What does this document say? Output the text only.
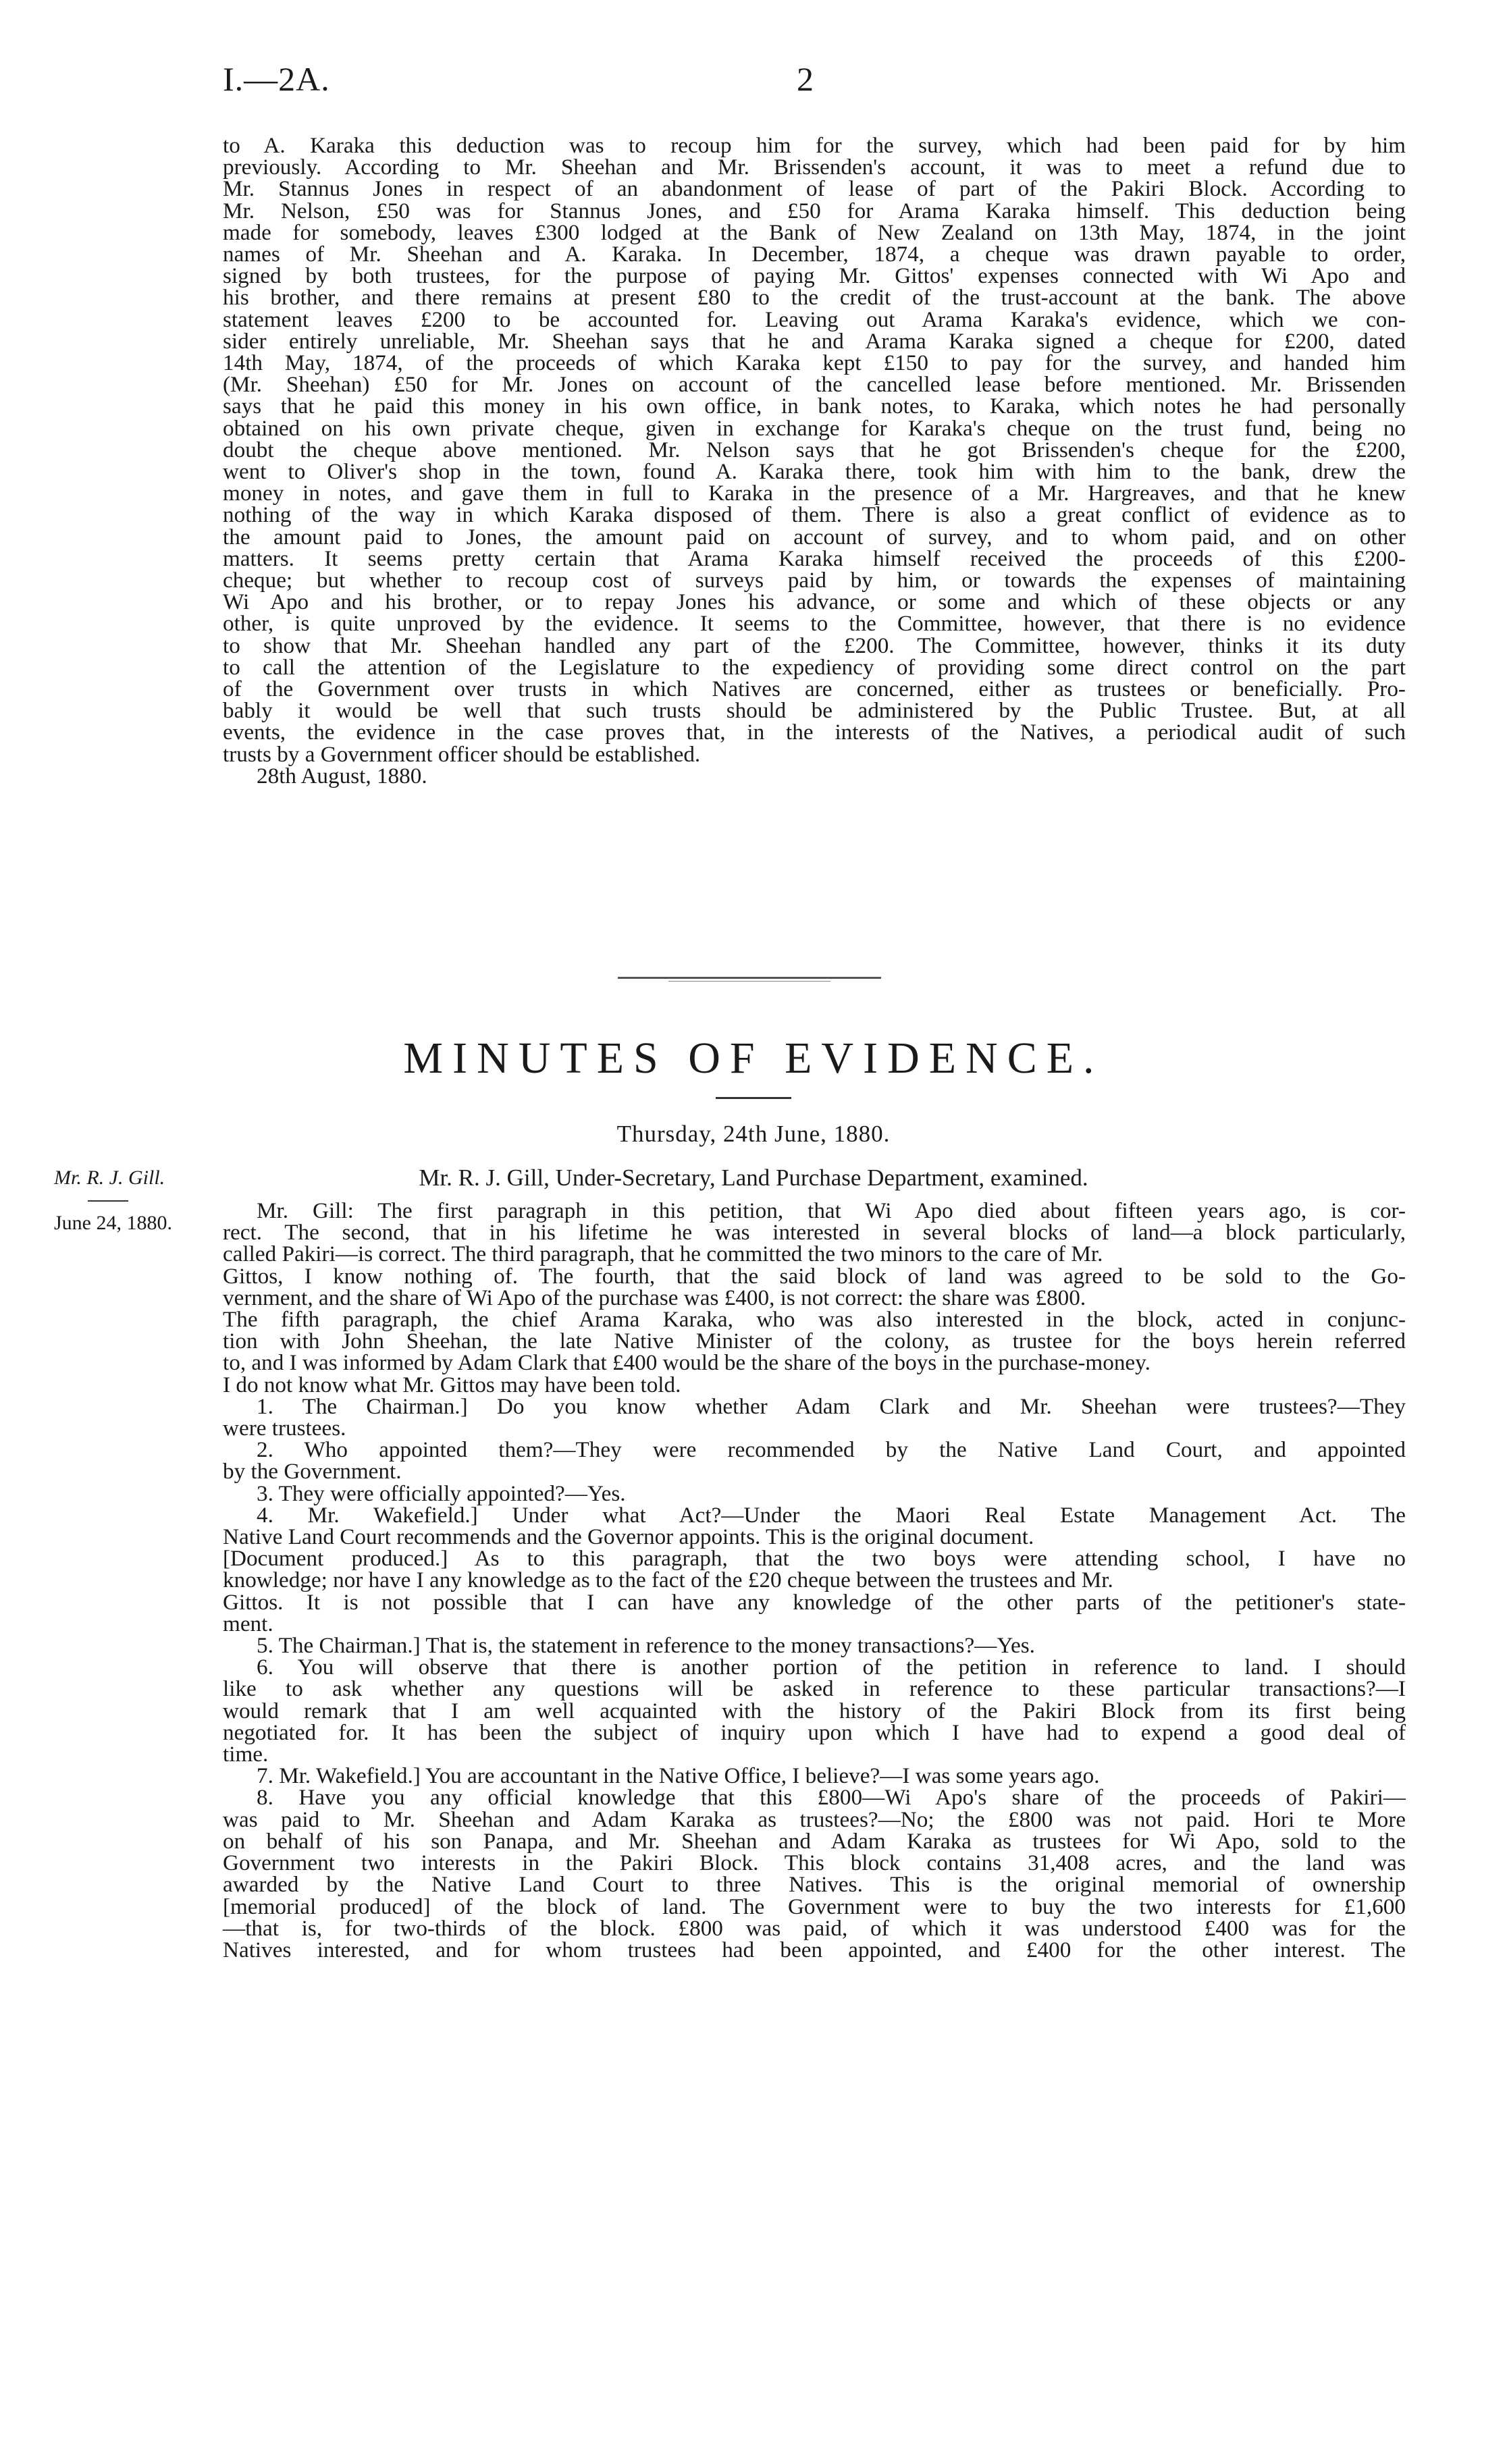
I.—2A.	2

to A. Karaka this deduction was to recoup him for the survey, which had been paid for by him

previously. According to Mr. Sheehan and Mr. Brissenden's account, it was to meet a refund due to

Mr. Stannus Jones in respect of an abandonment of lease of part of the Pakiri Block. According to

Mr. Nelson, £50 was for Stannus Jones, and £50 for Arama Karaka himself. This deduction being

made for somebody, leaves £300 lodged at the Bank of New Zealand on 13th May, 1874, in the joint

names of Mr. Sheehan and A. Karaka. In December, 1874, a cheque was drawn payable to order,

signed by both trustees, for the purpose of paying Mr. Gittos' expenses connected with Wi Apo and

his brother, and there remains at present £80 to the credit of the trust-account at the bank. The above

statement leaves £200 to be accounted for. Leaving out Arama Karaka's evidence, which we con-

sider entirely unreliable, Mr. Sheehan says that he and Arama Karaka signed a cheque for £200, dated

14th May, 1874, of the proceeds of which Karaka kept £150 to pay for the survey, and handed him

(Mr. Sheehan) £50 for Mr. Jones on account of the cancelled lease before mentioned. Mr. Brissenden

says that he paid this money in his own office, in bank notes, to Karaka, which notes he had personally

obtained on his own private cheque, given in exchange for Karaka's cheque on the trust fund, being no

doubt the cheque above mentioned. Mr. Nelson says that he got Brissenden's cheque for the £200,

went to Oliver's shop in the town, found A. Karaka there, took him with him to the bank, drew the

money in notes, and gave them in full to Karaka in the presence of a Mr. Hargreaves, and that he knew

nothing of the way in which Karaka disposed of them. There is also a great conflict of evidence as to

the amount paid to Jones, the amount paid on account of survey, and to whom paid, and on other

matters. It seems pretty certain that Arama Karaka himself received the proceeds of this £200-

cheque; but whether to recoup cost of surveys paid by him, or towards the expenses of maintaining

Wi Apo and his brother, or to repay Jones his advance, or some and which of these objects or any

other, is quite unproved by the evidence. It seems to the Committee, however, that there is no evidence

to show that Mr. Sheehan handled any part of the £200. The Committee, however, thinks it its duty

to call the attention of the Legislature to the expediency of providing some direct control on the part

of the Government over trusts in which Natives are concerned, either as trustees or beneficially. Pro-

bably it would be well that such trusts should be administered by the Public Trustee. But, at all

events, the evidence in the case proves that, in the interests of the Natives, a periodical audit of such

trusts by a Government officer should be established.

28th August, 1880.

MINUTES OF EVIDENCE.
Thursday, 24th June, 1880.
Mr. R. J. Gill, Under-Secretary, Land Purchase Department, examined.
Mr. R. J. Gill.
June 24, 1880.	Mr. Gill: The first paragraph in this petition, that Wi Apo died about fifteen years ago, is cor-

rect. The second, that in his lifetime he was interested in several blocks of land—a block particularly,

called Pakiri—is correct. The third paragraph, that he committed the two minors to the care of Mr.

Gittos, I know nothing of. The fourth, that the said block of land was agreed to be sold to the Go-

vernment, and the share of Wi Apo of the purchase was £400, is not correct: the share was £800.

The fifth paragraph, the chief Arama Karaka, who was also interested in the block, acted in conjunc-

tion with John Sheehan, the late Native Minister of the colony, as trustee for the boys herein referred

to, and I was informed by Adam Clark that £400 would be the share of the boys in the purchase-money.

I do not know what Mr. Gittos may have been told.

1. The Chairman.] Do you know whether Adam Clark and Mr. Sheehan were trustees?—They

were trustees.

2. Who appointed them?—They were recommended by the Native Land Court, and appointed

by the Government.

3. They were officially appointed?—Yes.

4. Mr. Wakefield.] Under what Act?—Under the Maori Real Estate Management Act. The

Native Land Court recommends and the Governor appoints. This is the original document.

[Document produced.] As to this paragraph, that the two boys were attending school, I have no

knowledge; nor have I any knowledge as to the fact of the £20 cheque between the trustees and Mr.

Gittos. It is not possible that I can have any knowledge of the other parts of the petitioner's state-

ment.

5. The Chairman.] That is, the statement in reference to the money transactions?—Yes.

6. You will observe that there is another portion of the petition in reference to land. I should

like to ask whether any questions will be asked in reference to these particular transactions?—I

would remark that I am well acquainted with the history of the Pakiri Block from its first being

negotiated for. It has been the subject of inquiry upon which I have had to expend a good deal of

time.

7. Mr. Wakefield.] You are accountant in the Native Office, I believe?—I was some years ago.

8. Have you any official knowledge that this £800—Wi Apo's share of the proceeds of Pakiri—

was paid to Mr. Sheehan and Adam Karaka as trustees?—No; the £800 was not paid. Hori te More

on behalf of his son Panapa, and Mr. Sheehan and Adam Karaka as trustees for Wi Apo, sold to the

Government two interests in the Pakiri Block. This block contains 31,408 acres, and the land was

awarded by the Native Land Court to three Natives. This is the original memorial of ownership

[memorial produced] of the block of land. The Government were to buy the two interests for £1,600

—that is, for two-thirds of the block. £800 was paid, of which it was understood £400 was for the

Natives interested, and for whom trustees had been appointed, and £400 for the other interest. The
